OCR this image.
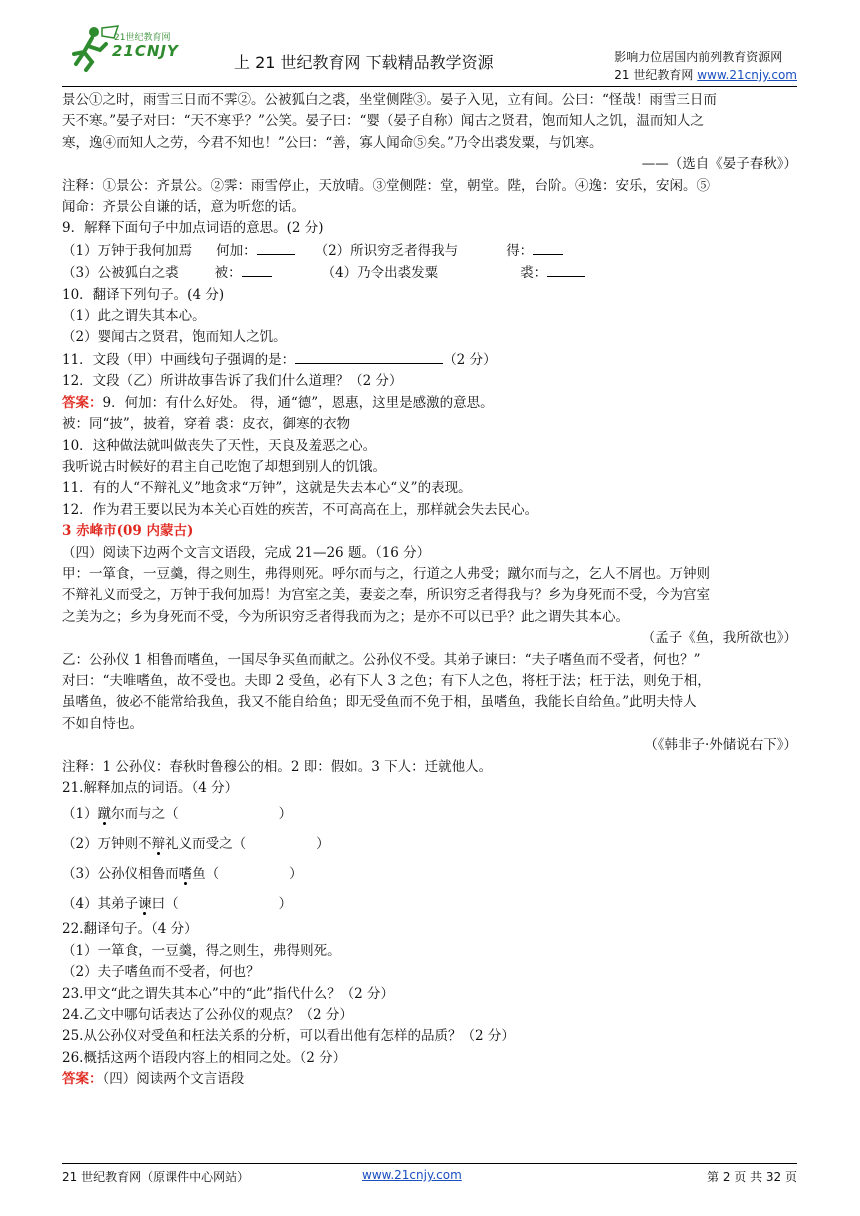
21世纪教育网
21CNJY
上 21 世纪教育网 下载精品教学资源	影响力位居国内前列教育资源网
21 世纪教育网 www.21cnjy.com

景公①之时，雨雪三日而不霁②。公被狐白之裘，坐堂侧陛③。晏子入见，立有间。公曰：“怪哉！雨雪三日而

天不寒。”晏子对曰：“天不寒乎？”公笑。晏子曰：“婴（晏子自称）闻古之贤君，饱而知人之饥，温而知人之

寒，逸④而知人之劳，今君不知也！”公曰：“善，寡人闻命⑤矣。”乃令出裘发粟，与饥寒。

——（选自《晏子春秋》）

注释：①景公：齐景公。②霁：雨雪停止，天放晴。③堂侧陛：堂，朝堂。陛，台阶。④逸：安乐，安闲。⑤

闻命：齐景公自谦的话，意为听您的话。

9．解释下面句子中加点词语的意思。(2 分)

（1）万钟于我何加焉 何加：	（2）所识穷乏者得我与	得：

（3）公被狐白之裘	被：	（4）乃令出裘发粟	裘：

10．翻译下列句子。(4 分)

（1）此之谓失其本心。

（2）婴闻古之贤君，饱而知人之饥。

11．文段（甲）中画线句子强调的是：	（2 分）

12．文段（乙）所讲故事告诉了我们什么道理？（2 分）

答案：9．何加：有什么好处。 得，通“德”，恩惠，这里是感激的意思。

被：同“披”，披着，穿着 裘：皮衣，御寒的衣物

10．这种做法就叫做丧失了天性，天良及羞恶之心。

我听说古时候好的君主自己吃饱了却想到别人的饥饿。

11．有的人“不辩礼义”地贪求“万钟”，这就是失去本心“义”的表现。

12．作为君王要以民为本关心百姓的疾苦，不可高高在上，那样就会失去民心。

3 赤峰市(09 内蒙古)

（四）阅读下边两个文言文语段，完成 21—26 题。（16 分）

甲：一箪食，一豆羹，得之则生，弗得则死。呼尔而与之，行道之人弗受；蹴尔而与之，乞人不屑也。万钟则

不辩礼义而受之，万钟于我何加焉！为宫室之美，妻妾之奉，所识穷乏者得我与？乡为身死而不受，今为宫室

之美为之；乡为身死而不受，今为所识穷乏者得我而为之；是亦不可以已乎？此之谓失其本心。

（孟子《鱼，我所欲也》）

乙：公孙仪 1 相鲁而嗜鱼，一国尽争买鱼而献之。公孙仪不受。其弟子谏曰：“夫子嗜鱼而不受者，何也？”

对曰：“夫唯嗜鱼，故不受也。夫即 2 受鱼，必有下人 3 之色；有下人之色，将枉于法；枉于法，则免于相，

虽嗜鱼，彼必不能常给我鱼，我又不能自给鱼；即无受鱼而不免于相，虽嗜鱼，我能长自给鱼。”此明夫恃人

不如自恃也。

（《韩非子·外储说右下》）

注释：1 公孙仪：春秋时鲁穆公的相。2 即：假如。3 下人：迁就他人。

21.解释加点的词语。（4 分）

（1）蹴尔而与之（	）

（2）万钟则不辩礼义而受之（	）

（3）公孙仪相鲁而嗜鱼（	）

（4）其弟子谏曰（	）

22.翻译句子。（4 分）

（1）一箪食，一豆羹，得之则生，弗得则死。

（2）夫子嗜鱼而不受者，何也？

23.甲文“此之谓失其本心”中的“此”指代什么？（2 分）

24.乙文中哪句话表达了公孙仪的观点？（2 分）

25.从公孙仪对受鱼和枉法关系的分析，可以看出他有怎样的品质？（2 分）

26.概括这两个语段内容上的相同之处。（2 分）

答案：（四）阅读两个文言语段

21 世纪教育网（原课件中心网站）	www.21cnjy.com	第 2 页 共 32 页
